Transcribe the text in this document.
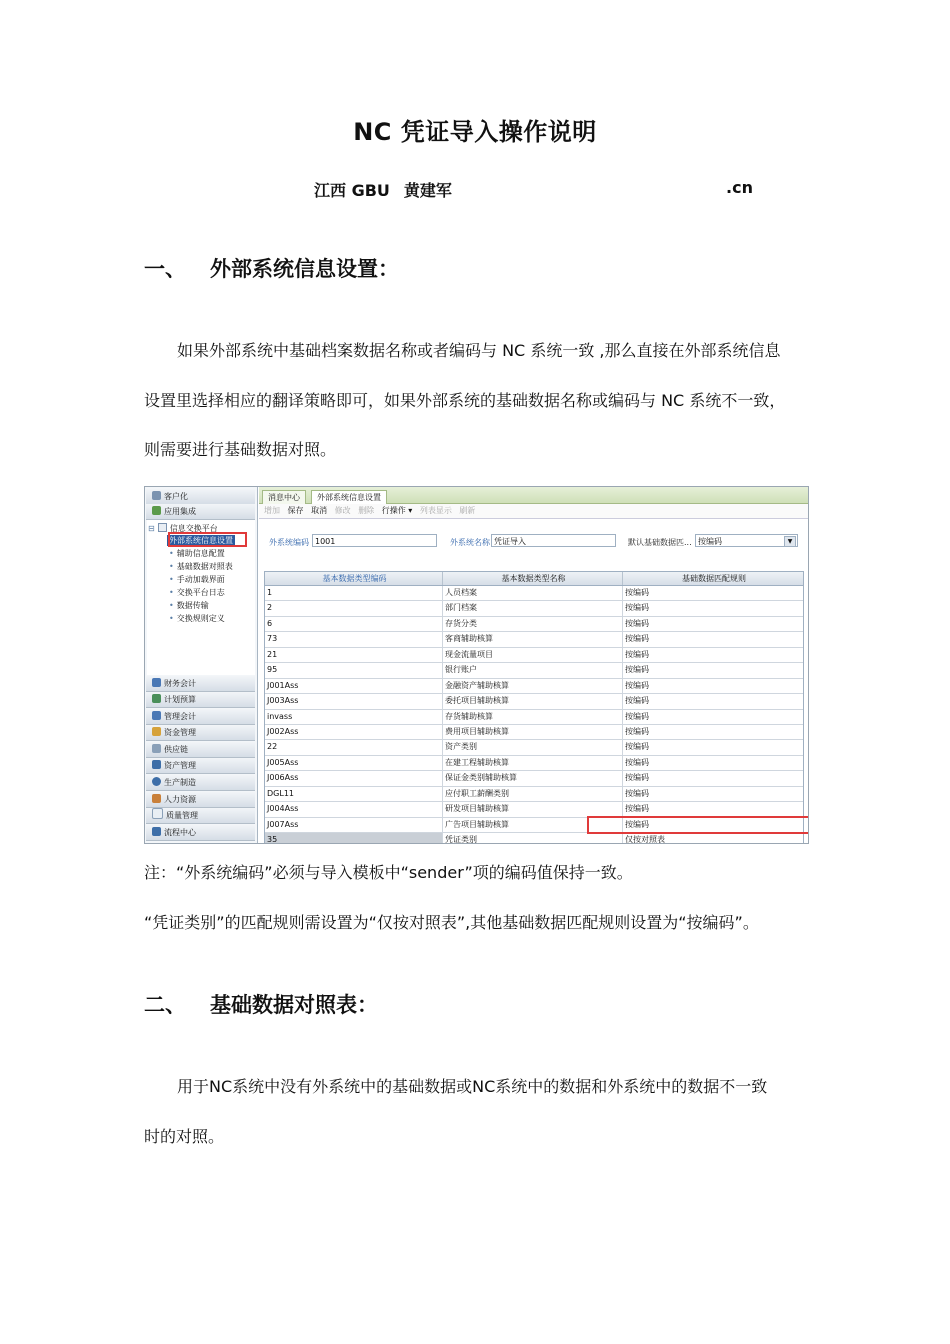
NC 凭证导入操作说明
江西 GBU 黄建军	.cn
一、 外部系统信息设置：
如果外部系统中基础档案数据名称或者编码与 NC 系统一致 ,那么直接在外部系统信息
设置里选择相应的翻译策略即可，如果外部系统的基础数据名称或编码与 NC 系统不一致，
则需要进行基础数据对照。
客户化
应用集成
⊟ 信息交换平台
外部系统信息设置
• 辅助信息配置
• 基础数据对照表
• 手动加载界面
• 交换平台日志
• 数据传输
• 交换规则定义
财务会计
计划预算
管理会计
资金管理
供应链
资产管理
生产制造
人力资源
质量管理
流程中心
消息中心	外部系统信息设置
增加 保存 取消 修改 删除 行操作 ▾ 列表显示 刷新
外系统编码 1001	外系统名称 凭证导入	默认基础数据匹... 按编码	▼
基本数据类型编码	基本数据类型名称	基础数据匹配规则
1	人员档案	按编码
2	部门档案	按编码
6	存货分类	按编码
73	客商辅助核算	按编码
21	现金流量项目	按编码
95	银行账户	按编码
J001Ass	金融资产辅助核算	按编码
J003Ass	委托项目辅助核算	按编码
invass	存货辅助核算	按编码
J002Ass	费用项目辅助核算	按编码
22	资产类别	按编码
J005Ass	在建工程辅助核算	按编码
J006Ass	保证金类别辅助核算	按编码
DGL11	应付职工薪酬类别	按编码
J004Ass	研发项目辅助核算	按编码
J007Ass	广告项目辅助核算	按编码
35	凭证类别	仅按对照表
注：“外系统编码”必须与导入模板中“sender”项的编码值保持一致。
“凭证类别”的匹配规则需设置为“仅按对照表”,其他基础数据匹配规则设置为“按编码”。
二、 基础数据对照表：
用于NC系统中没有外系统中的基础数据或NC系统中的数据和外系统中的数据不一致
时的对照。
